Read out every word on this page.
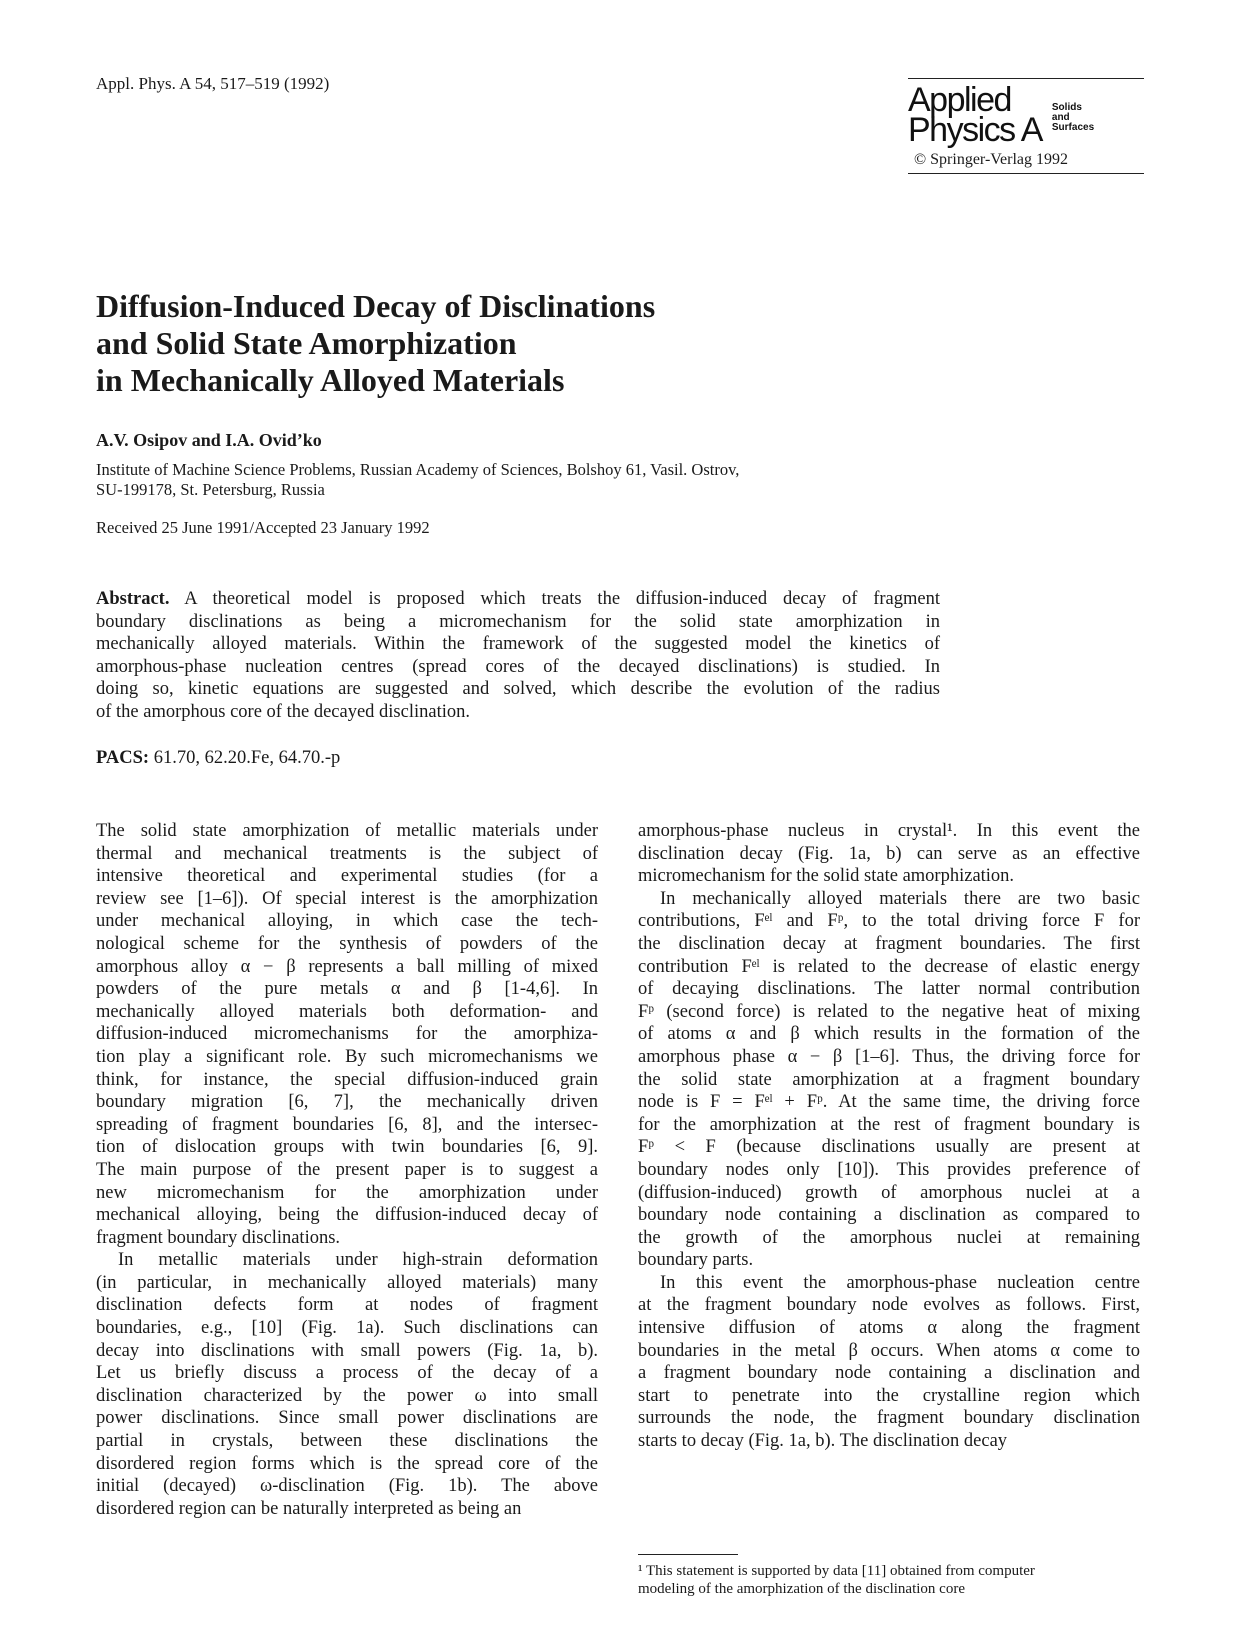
Appl. Phys. A 54, 517–519 (1992)	Applied
Physics A
Solids
and
Surfaces
© Springer-Verlag 1992
Diffusion-Induced Decay of Disclinations
and Solid State Amorphization
in Mechanically Alloyed Materials
A.V. Osipov and I.A. Ovid’ko
Institute of Machine Science Problems, Russian Academy of Sciences, Bolshoy 61, Vasil. Ostrov,
SU-199178, St. Petersburg, Russia
Received 25 June 1991/Accepted 23 January 1992
Abstract. A theoretical model is proposed which treats the diffusion-induced decay of fragment
boundary disclinations as being a micromechanism for the solid state amorphization in
mechanically alloyed materials. Within the framework of the suggested model the kinetics of
amorphous-phase nucleation centres (spread cores of the decayed disclinations) is studied. In
doing so, kinetic equations are suggested and solved, which describe the evolution of the radius
of the amorphous core of the decayed disclination.
PACS: 61.70, 62.20.Fe, 64.70.-p
The solid state amorphization of metallic materials under
thermal and mechanical treatments is the subject of
intensive theoretical and experimental studies (for a
review see [1–6]). Of special interest is the amorphization
under mechanical alloying, in which case the tech-
nological scheme for the synthesis of powders of the
amorphous alloy α − β represents a ball milling of mixed
powders of the pure metals α and β [1-4,6]. In
mechanically alloyed materials both deformation- and
diffusion-induced micromechanisms for the amorphiza-
tion play a significant role. By such micromechanisms we
think, for instance, the special diffusion-induced grain
boundary migration [6, 7], the mechanically driven
spreading of fragment boundaries [6, 8], and the intersec-
tion of dislocation groups with twin boundaries [6, 9].
The main purpose of the present paper is to suggest a
new micromechanism for the amorphization under
mechanical alloying, being the diffusion-induced decay of
fragment boundary disclinations.
In metallic materials under high-strain deformation
(in particular, in mechanically alloyed materials) many
disclination defects form at nodes of fragment
boundaries, e.g., [10] (Fig. 1a). Such disclinations can
decay into disclinations with small powers (Fig. 1a, b).
Let us briefly discuss a process of the decay of a
disclination characterized by the power ω into small
power disclinations. Since small power disclinations are
partial in crystals, between these disclinations the
disordered region forms which is the spread core of the
initial (decayed) ω-disclination (Fig. 1b). The above
disordered region can be naturally interpreted as being an
amorphous-phase nucleus in crystal¹. In this event the
disclination decay (Fig. 1a, b) can serve as an effective
micromechanism for the solid state amorphization.
In mechanically alloyed materials there are two basic
contributions, Fᵉˡ and Fᵖ, to the total driving force F for
the disclination decay at fragment boundaries. The first
contribution Fᵉˡ is related to the decrease of elastic energy
of decaying disclinations. The latter normal contribution
Fᵖ (second force) is related to the negative heat of mixing
of atoms α and β which results in the formation of the
amorphous phase α − β [1–6]. Thus, the driving force for
the solid state amorphization at a fragment boundary
node is F = Fᵉˡ + Fᵖ. At the same time, the driving force
for the amorphization at the rest of fragment boundary is
Fᵖ < F (because disclinations usually are present at
boundary nodes only [10]). This provides preference of
(diffusion-induced) growth of amorphous nuclei at a
boundary node containing a disclination as compared to
the growth of the amorphous nuclei at remaining
boundary parts.
In this event the amorphous-phase nucleation centre
at the fragment boundary node evolves as follows. First,
intensive diffusion of atoms α along the fragment
boundaries in the metal β occurs. When atoms α come to
a fragment boundary node containing a disclination and
start to penetrate into the crystalline region which
surrounds the node, the fragment boundary disclination
starts to decay (Fig. 1a, b). The disclination decay
¹ This statement is supported by data [11] obtained from computer
modeling of the amorphization of the disclination core
